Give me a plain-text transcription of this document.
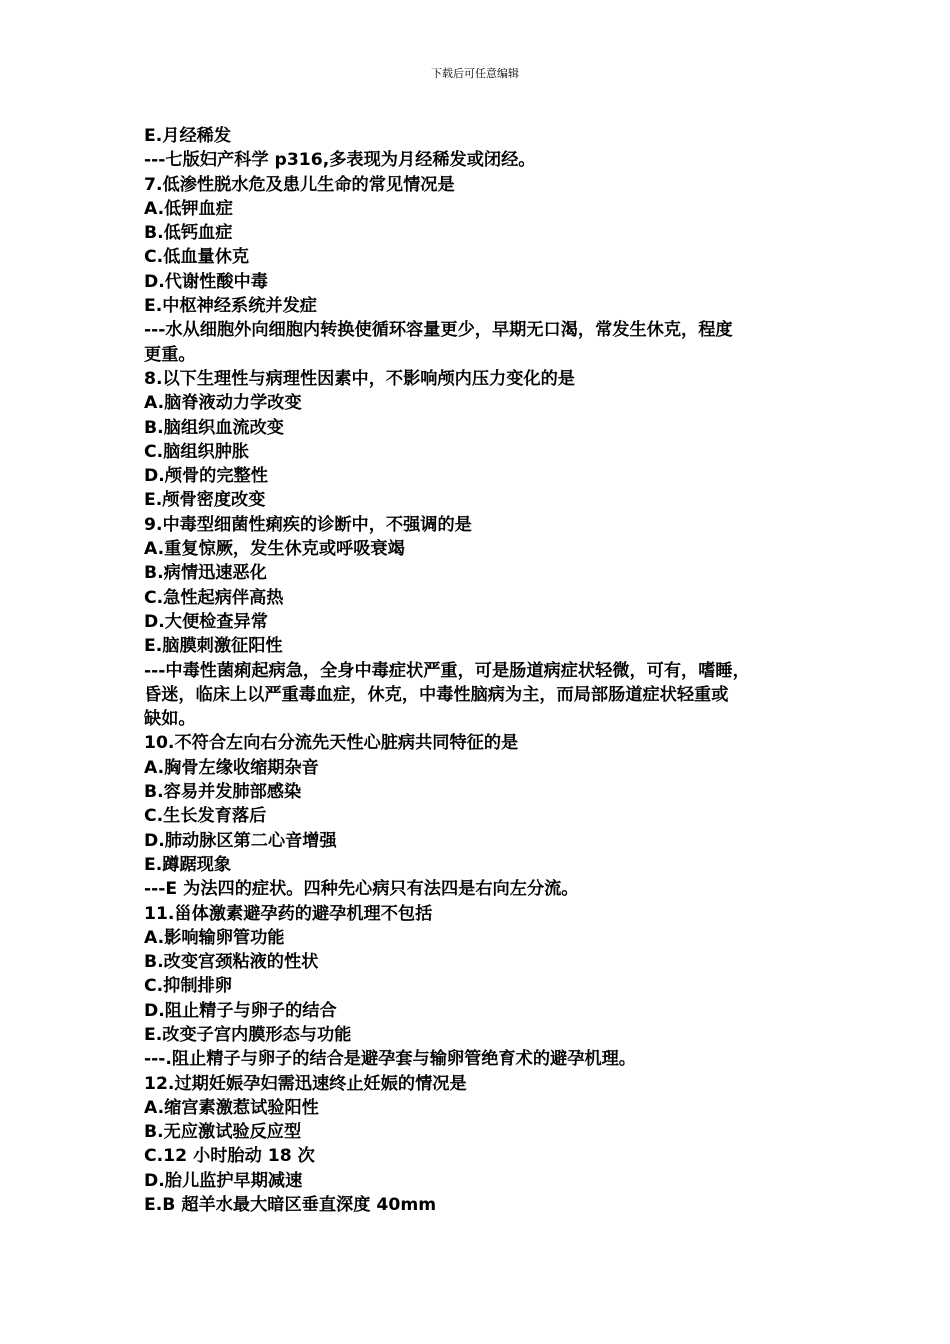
下载后可任意编辑
E.月经稀发
---七版妇产科学 p316,多表现为月经稀发或闭经。
7.低渗性脱水危及患儿生命的常见情况是
A.低钾血症
B.低钙血症
C.低血量休克
D.代谢性酸中毒
E.中枢神经系统并发症
---水从细胞外向细胞内转换使循环容量更少，早期无口渴，常发生休克，程度
更重。
8.以下生理性与病理性因素中，不影响颅内压力变化的是
A.脑脊液动力学改变
B.脑组织血流改变
C.脑组织肿胀
D.颅骨的完整性
E.颅骨密度改变
9.中毒型细菌性痢疾的诊断中，不强调的是
A.重复惊厥，发生休克或呼吸衰竭
B.病情迅速恶化
C.急性起病伴高热
D.大便检查异常
E.脑膜刺激征阳性
---中毒性菌痢起病急，全身中毒症状严重，可是肠道病症状轻微，可有，嗜睡，
昏迷，临床上以严重毒血症，休克，中毒性脑病为主，而局部肠道症状轻重或
缺如。
10.不符合左向右分流先天性心脏病共同特征的是
A.胸骨左缘收缩期杂音
B.容易并发肺部感染
C.生长发育落后
D.肺动脉区第二心音增强
E.蹲踞现象
---E 为法四的症状。四种先心病只有法四是右向左分流。
11.甾体激素避孕药的避孕机理不包括
A.影响输卵管功能
B.改变宫颈粘液的性状
C.抑制排卵
D.阻止精子与卵子的结合
E.改变子宫内膜形态与功能
---.阻止精子与卵子的结合是避孕套与输卵管绝育术的避孕机理。
12.过期妊娠孕妇需迅速终止妊娠的情况是
A.缩宫素激惹试验阳性
B.无应激试验反应型
C.12 小时胎动 18 次
D.胎儿监护早期减速
E.B 超羊水最大暗区垂直深度 40mm
